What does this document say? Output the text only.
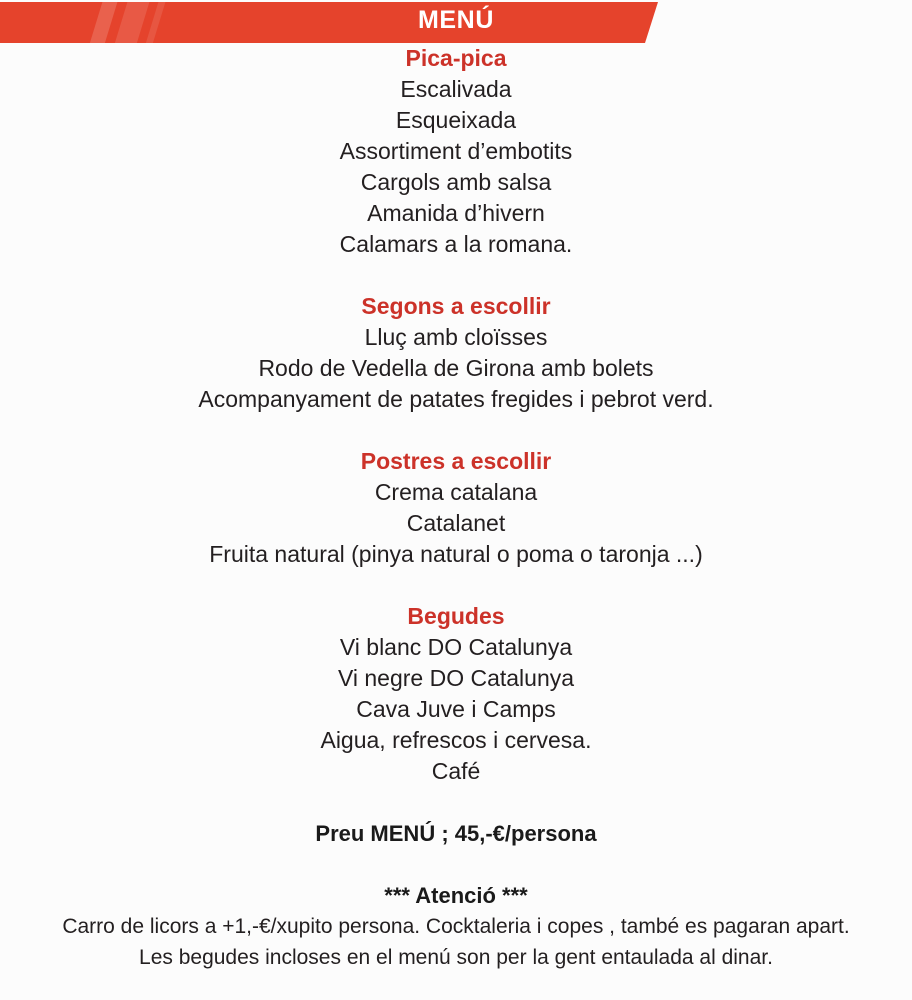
MENÚ
Pica-pica
Escalivada
Esqueixada
Assortiment d’embotits
Cargols amb salsa
Amanida d’hivern
Calamars a la romana.
Segons a escollir
Lluç amb cloïsses
Rodo de Vedella de Girona amb bolets
Acompanyament de patates fregides i pebrot verd.
Postres a escollir
Crema catalana
Catalanet
Fruita natural (pinya natural o poma o taronja ...)
Begudes
Vi blanc DO Catalunya
Vi negre DO Catalunya
Cava Juve i Camps
Aigua, refrescos i cervesa.
Café
Preu MENÚ ; 45,-€/persona
*** Atenció ***
Carro de licors a +1,-€/xupito persona. Cocktaleria i copes , també es pagaran apart.
Les begudes incloses en el menú son per la gent entaulada al dinar.
